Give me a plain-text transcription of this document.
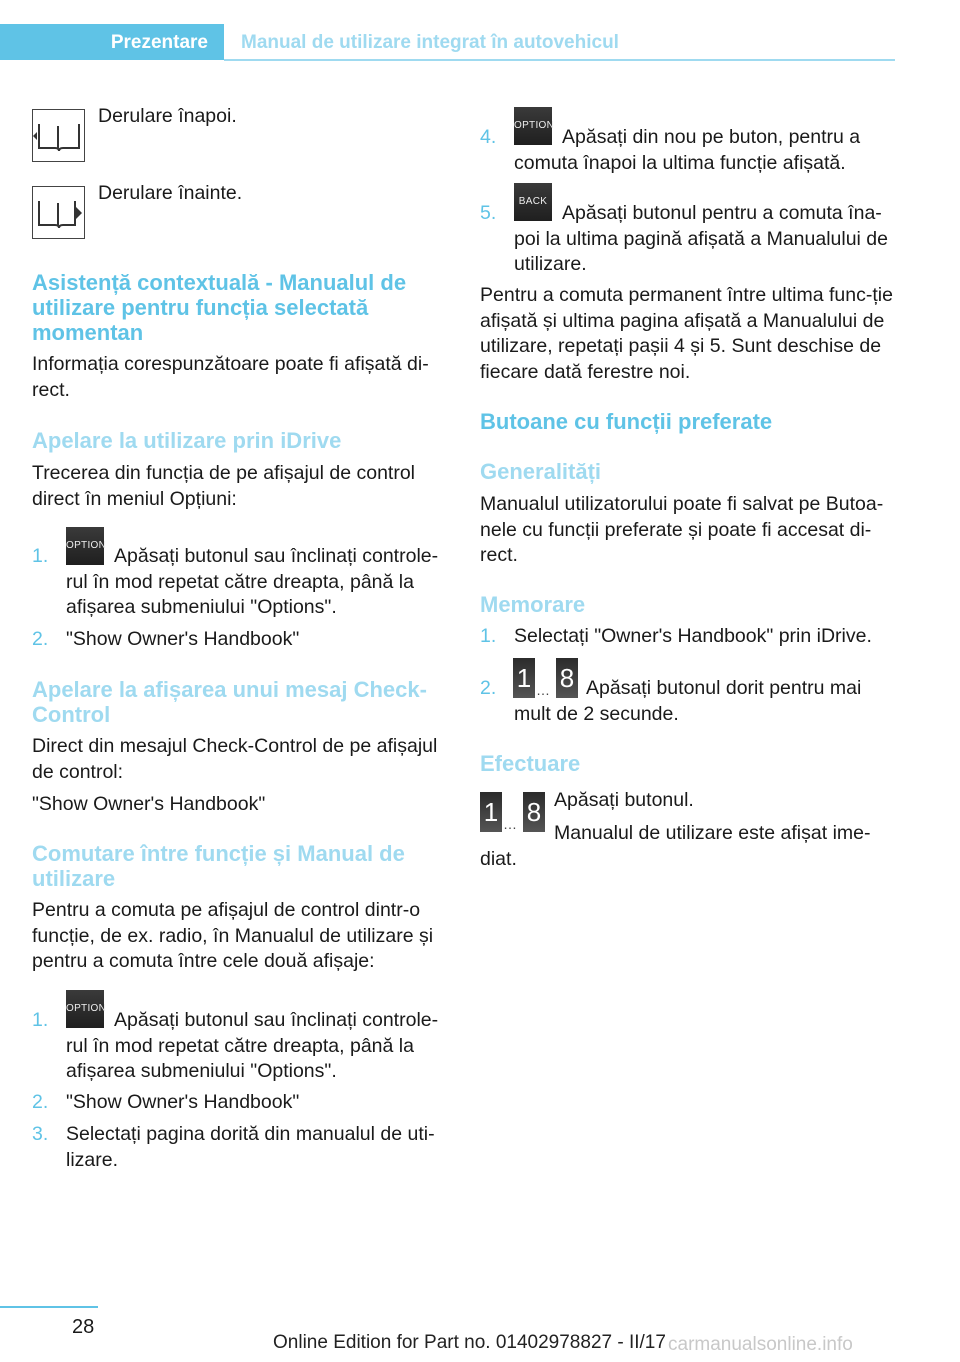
Prezentare	Manual de utilizare integrat în autovehicul
Derulare înapoi.
Derulare înainte.
Asistență contextuală - Manualul de utilizare pentru funcția selectată momentan
Informația corespunzătoare poate fi afișată di-rect.
Apelare la utilizare prin iDrive
Trecerea din funcția de pe afișajul de control direct în meniul Opțiuni:
1. OPTION Apăsați butonul sau înclinați controle-rul în mod repetat către dreapta, până la afișarea submeniului "Options".
2. "Show Owner's Handbook"
Apelare la afișarea unui mesaj Check-Control
Direct din mesajul Check-Control de pe afișajul de control:
"Show Owner's Handbook"
Comutare între funcție și Manual de utilizare
Pentru a comuta pe afișajul de control dintr-o funcție, de ex. radio, în Manualul de utilizare și pentru a comuta între cele două afișaje:
1.
OPTION
Apăsați butonul sau înclinați controle-rul în mod repetat către dreapta, până la afișarea submeniului "Options".
2. "Show Owner's Handbook"
3. Selectați pagina dorită din manualul de uti-lizare.
4.
OPTION
Apăsați din nou pe buton, pentru a comuta înapoi la ultima funcție afișată.
5.
BACK
Apăsați butonul pentru a comuta îna-poi la ultima pagină afișată a Manualului de utilizare.
Pentru a comuta permanent între ultima func-ție afișată și ultima pagina afișată a Manualului de utilizare, repetați pașii 4 și 5. Sunt deschise de fiecare dată ferestre noi.
Butoane cu funcții preferate
Generalități
Manualul utilizatorului poate fi salvat pe Butoa-nele cu funcții preferate și poate fi accesat di-rect.
Memorare
1. Selectați "Owner's Handbook" prin iDrive.
2. 1 … 8 Apăsați butonul dorit pentru mai mult de 2 secunde.
Efectuare
1 … 8 Apăsați butonul.
Manualul de utilizare este afișat ime-diat.
28
Online Edition for Part no. 01402978827 - II/17 carmanualsonline.info
